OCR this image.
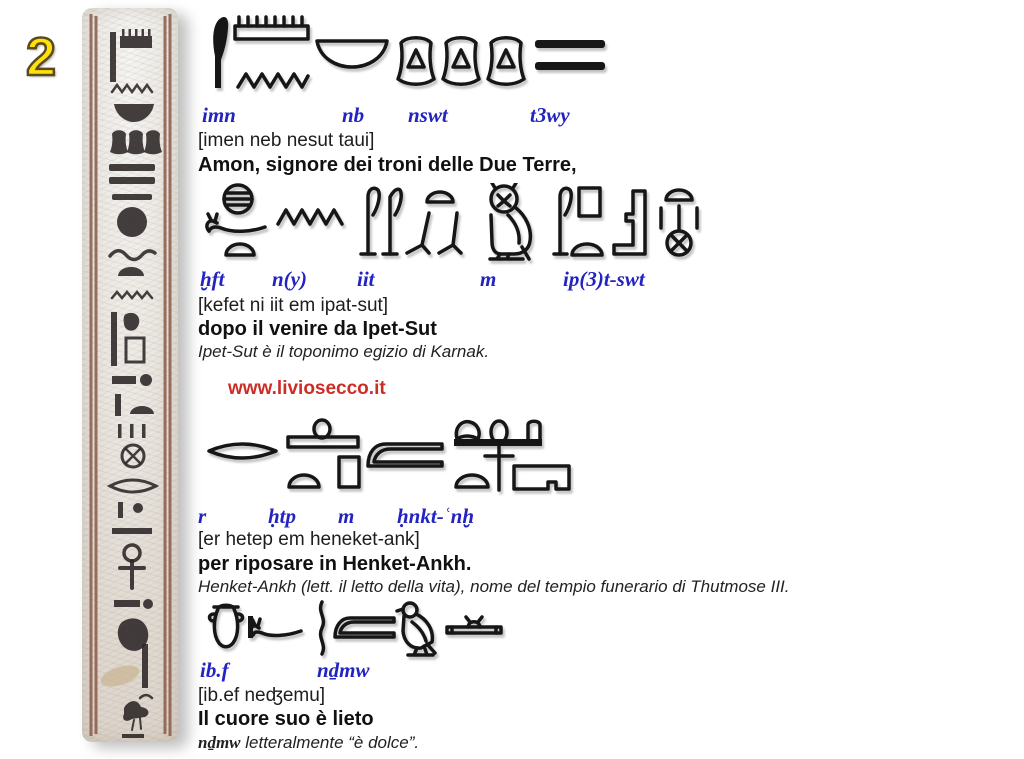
2
imn	nb nswt	t3wy
[imen neb nesut taui]
Amon, signore dei troni delle Due Terre,
ḫft n(y) iit	m	ip(3)t-swt
[kefet ni iit em ipat-sut]
dopo il venire da Ipet-Sut
Ipet-Sut è il toponimo egizio di Karnak.
www.liviosecco.it
r	ḥtp m ḥnkt-ʿnḫ
[er hetep em heneket-ank]
per riposare in Henket-Ankh.
Henket-Ankh (lett. il letto della vita), nome del tempio funerario di Thutmose III.
ib.f	nḏmw
[ib.ef neʤemu]
Il cuore suo è lieto
nḏmw letteralmente “è dolce”.
